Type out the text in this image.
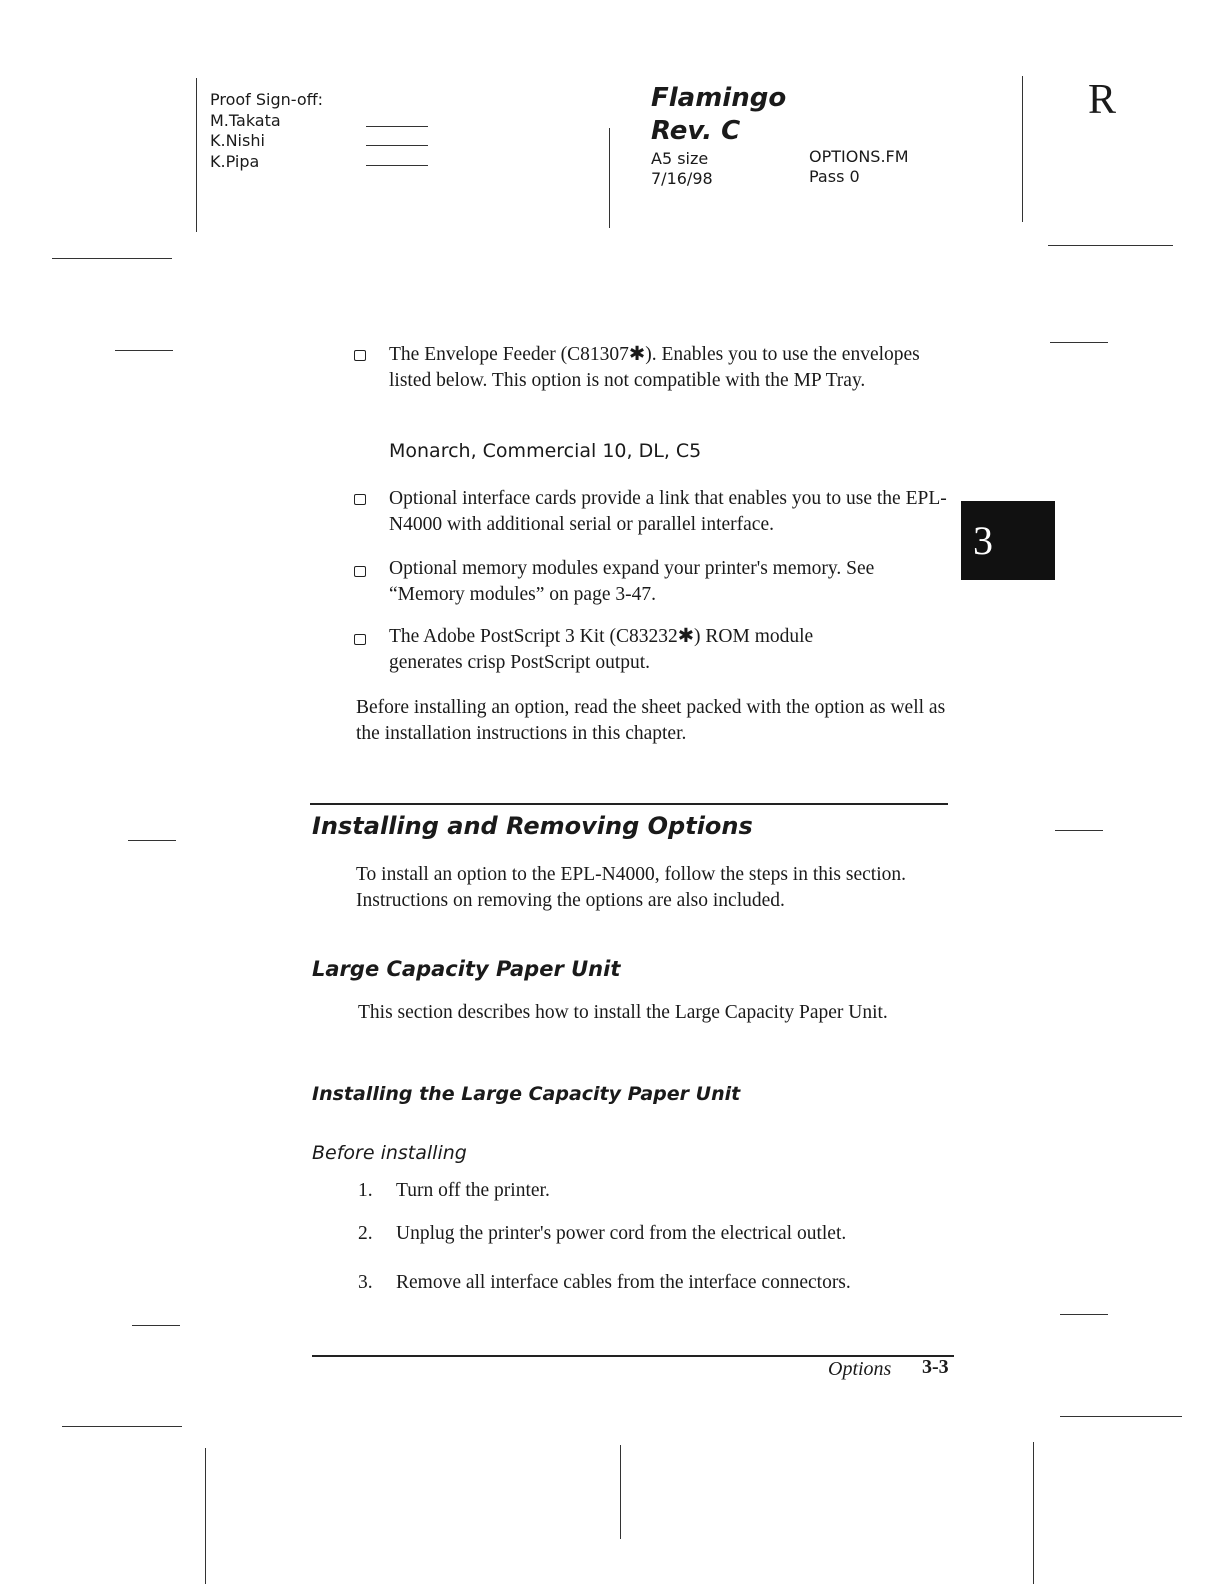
Proof Sign-off:
M.Takata
K.Nishi
K.Pipa
Flamingo
Rev. C
A5 size
7/16/98
OPTIONS.FM
Pass 0
R
3
The Envelope Feeder (C81307✱). Enables you to use the envelopes listed below. This option is not compatible with the MP Tray.
Monarch, Commercial 10, DL, C5
Optional interface cards provide a link that enables you to use the EPL-N4000 with additional serial or parallel interface.
Optional memory modules expand your printer's memory. See “Memory modules” on page 3-47.
The Adobe PostScript 3 Kit (C83232✱) ROM module generates crisp PostScript output.
Before installing an option, read the sheet packed with the option as well as the installation instructions in this chapter.
Installing and Removing Options
To install an option to the EPL-N4000, follow the steps in this section. Instructions on removing the options are also included.
Large Capacity Paper Unit
This section describes how to install the Large Capacity Paper Unit.
Installing the Large Capacity Paper Unit
Before installing
1. Turn off the printer.
2. Unplug the printer's power cord from the electrical outlet.
3. Remove all interface cables from the interface connectors.
Options 3-3
